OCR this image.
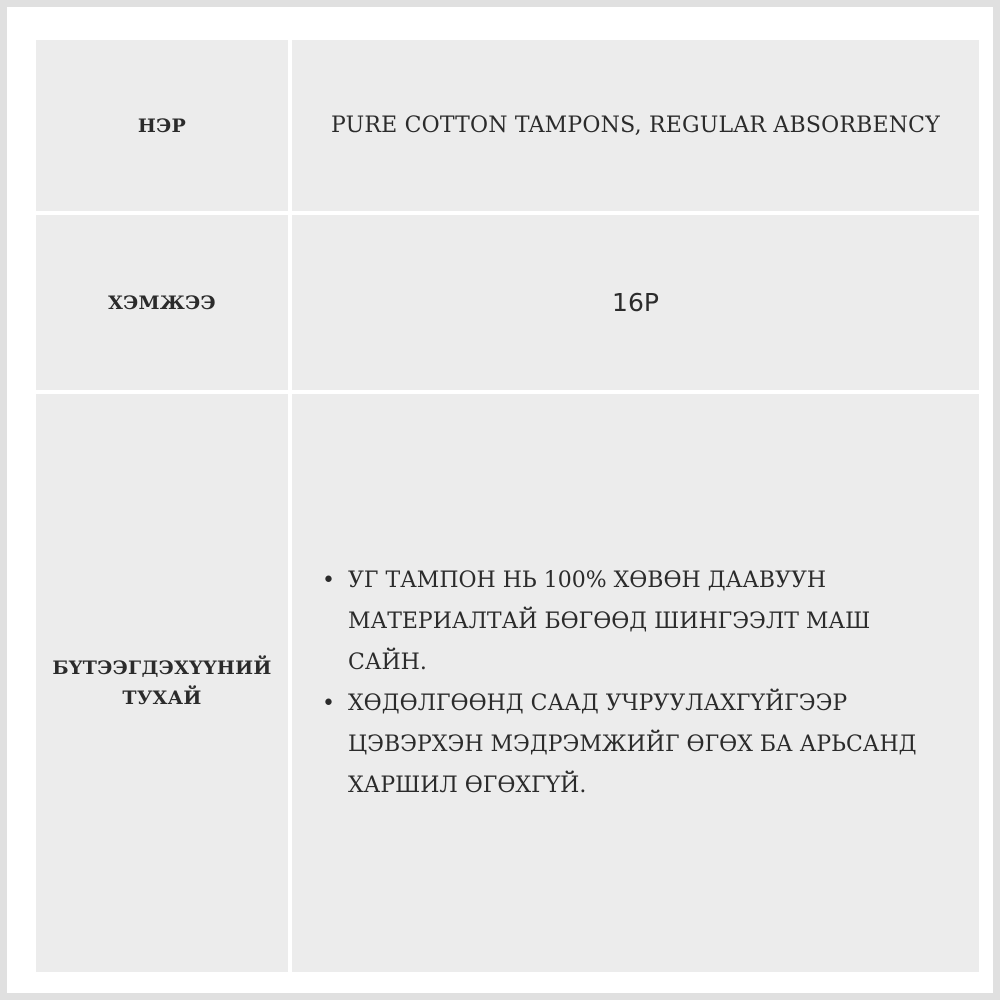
НЭР	PURE COTTON TAMPONS, REGULAR ABSORBENCY
ХЭМЖЭЭ	16P
БҮТЭЭГДЭХҮҮНИЙ
ТУХАЙ
• УГ ТАМПОН НЬ 100% ХӨВӨН ДААВУУН МАТЕРИАЛТАЙ БӨГӨӨД ШИНГЭЭЛТ МАШ САЙН.
• ХӨДӨЛГӨӨНД СААД УЧРУУЛАХГҮЙГЭЭР ЦЭВЭРХЭН МЭДРЭМЖИЙГ ӨГӨХ БА АРЬСАНД ХАРШИЛ ӨГӨХГҮЙ.
